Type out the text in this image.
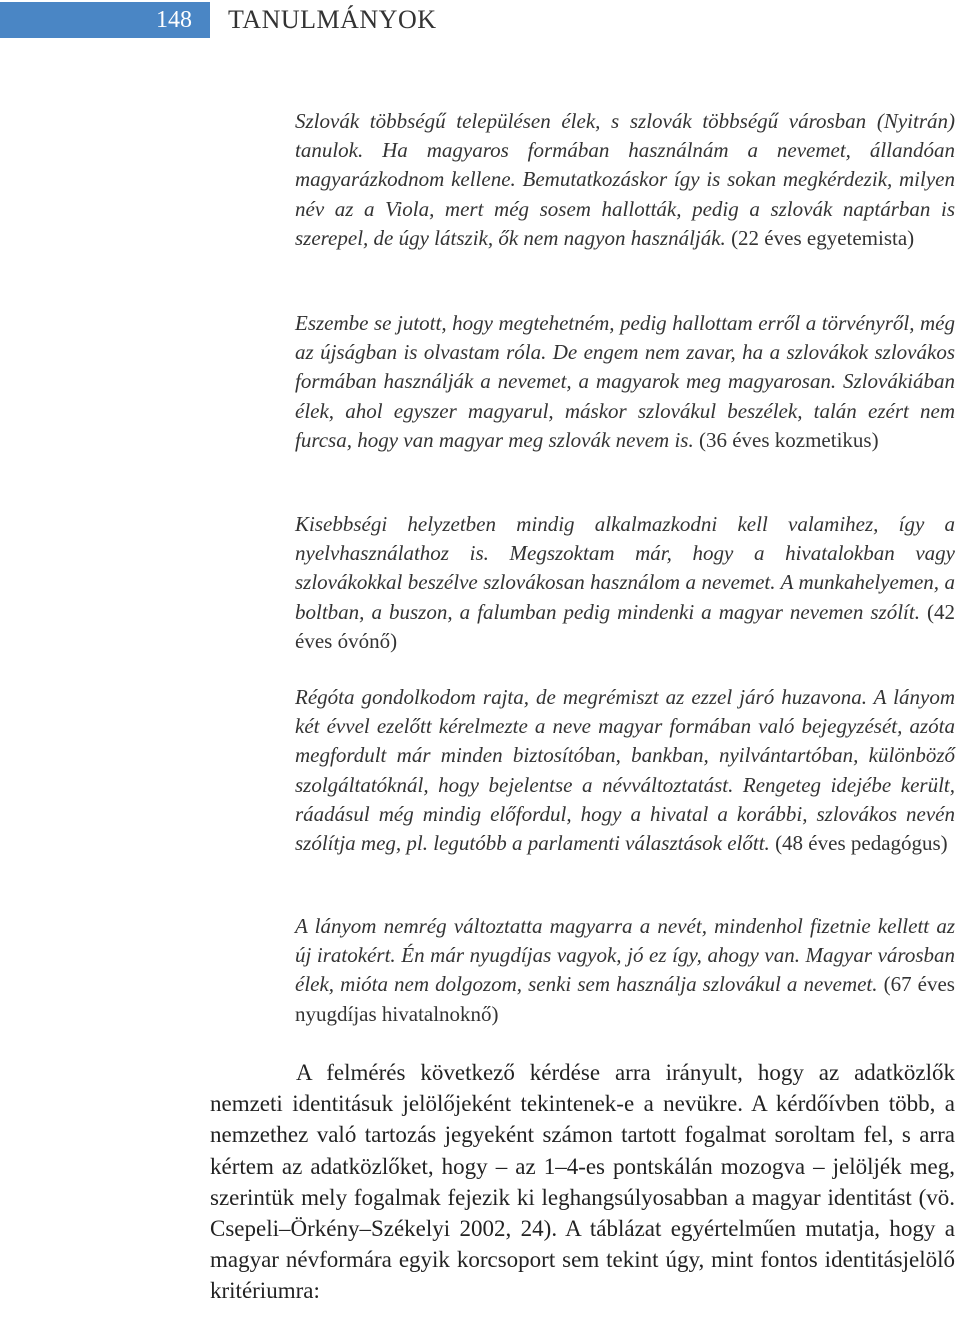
148	TANULMÁNYOK

Szlovák többségű településen élek, s szlovák többségű városban (Nyitrán) tanulok. Ha magyaros formában használnám a nevemet, állandóan magyarázkodnom kellene. Bemutatkozáskor így is sokan megkérdezik, milyen név az a Viola, mert még sosem hallották, pedig a szlovák naptárban is szerepel, de úgy látszik, ők nem nagyon használják. (22 éves egyetemista)

Eszembe se jutott, hogy megtehetném, pedig hallottam erről a törvényről, még az újságban is olvastam róla. De engem nem zavar, ha a szlovákok szlovákos formában használják a nevemet, a magyarok meg magyarosan. Szlovákiában élek, ahol egyszer magyarul, máskor szlovákul beszélek, talán ezért nem furcsa, hogy van magyar meg szlovák nevem is. (36 éves kozmetikus)

Kisebbségi helyzetben mindig alkalmazkodni kell valamihez, így a nyelvhasználathoz is. Megszoktam már, hogy a hivatalokban vagy szlovákokkal beszélve szlovákosan használom a nevemet. A munkahelyemen, a boltban, a buszon, a falumban pedig mindenki a magyar nevemen szólít. (42 éves óvónő)

Régóta gondolkodom rajta, de megrémiszt az ezzel járó huzavona. A lányom két évvel ezelőtt kérelmezte a neve magyar formában való bejegyzését, azóta megfordult már minden biztosítóban, bankban, nyilvántartóban, különböző szolgáltatóknál, hogy bejelentse a névváltoztatást. Rengeteg idejébe került, ráadásul még mindig előfordul, hogy a hivatal a korábbi, szlovákos nevén szólítja meg, pl. legutóbb a parlamenti választások előtt. (48 éves pedagógus)

A lányom nemrég változtatta magyarra a nevét, mindenhol fizetnie kellett az új iratokért. Én már nyugdíjas vagyok, jó ez így, ahogy van. Magyar városban élek, mióta nem dolgozom, senki sem használja szlovákul a nevemet. (67 éves nyugdíjas hivatalnoknő)

A felmérés következő kérdése arra irányult, hogy az adatközlők nemzeti identitásuk jelölőjeként tekintenek-e a nevükre. A kérdőívben több, a nemzethez való tartozás jegyeként számon tartott fogalmat soroltam fel, s arra kértem az adatközlőket, hogy – az 1–4-es pontskálán mozogva – jelöljék meg, szerintük mely fogalmak fejezik ki leghangsúlyosabban a magyar identitást (vö. Csepeli–Örkény–Székelyi 2002, 24). A táblázat egyértelműen mutatja, hogy a magyar névformára egyik korcsoport sem tekint úgy, mint fontos identitásjelölő kritériumra:
